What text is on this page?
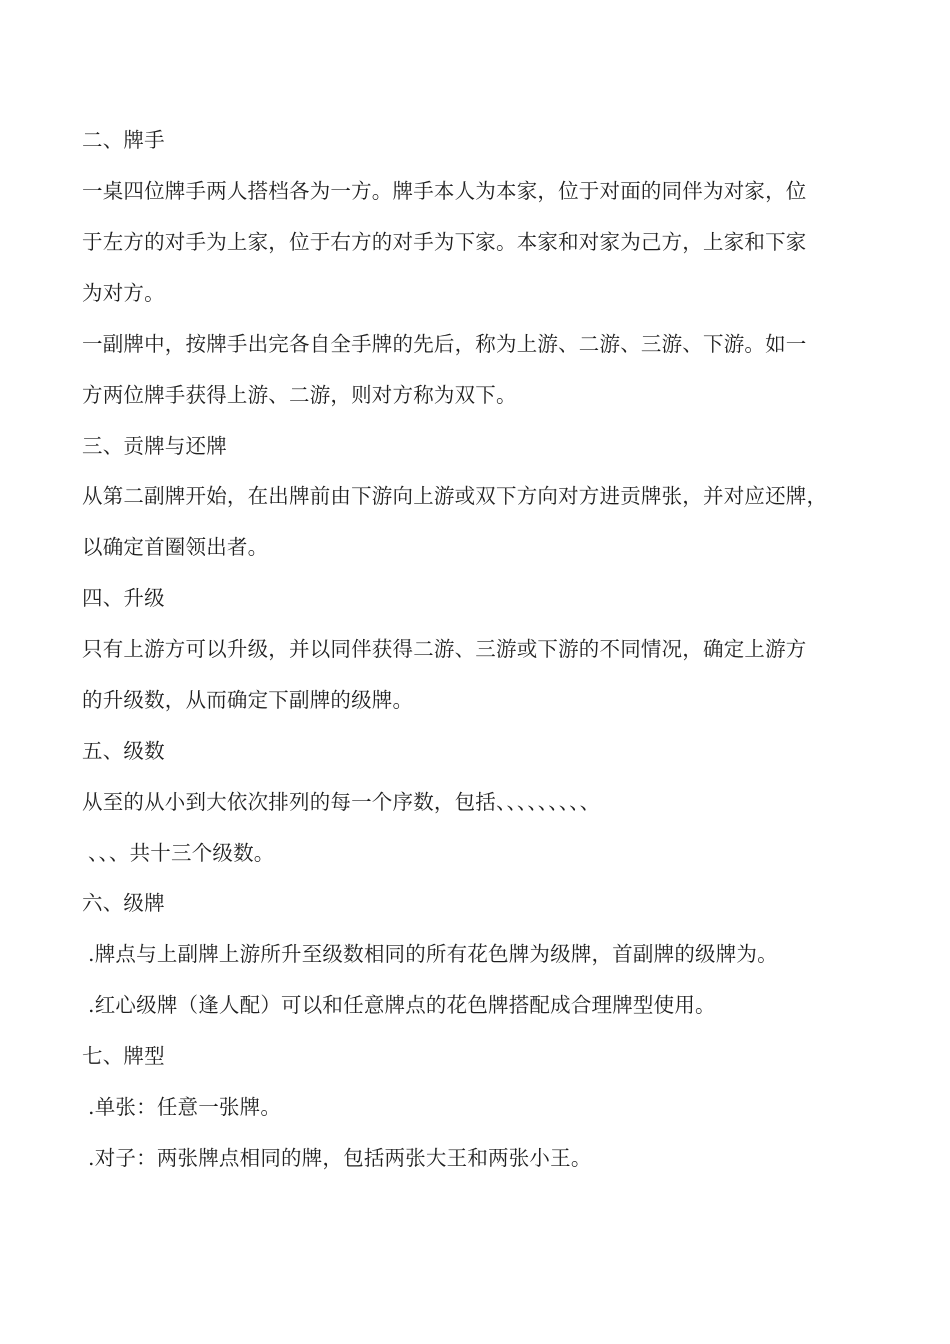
二、牌手
一桌四位牌手两人搭档各为一方。牌手本人为本家，位于对面的同伴为对家，位
于左方的对手为上家，位于右方的对手为下家。本家和对家为己方，上家和下家
为对方。
一副牌中，按牌手出完各自全手牌的先后，称为上游、二游、三游、下游。如一
方两位牌手获得上游、二游，则对方称为双下。
三、贡牌与还牌
从第二副牌开始，在出牌前由下游向上游或双下方向对方进贡牌张，并对应还牌，
以确定首圈领出者。
四、升级
只有上游方可以升级，并以同伴获得二游、三游或下游的不同情况，确定上游方
的升级数，从而确定下副牌的级牌。
五、级数
从至的从小到大依次排列的每一个序数，包括、、、、、、、、、
、、、共十三个级数。
六、级牌
.牌点与上副牌上游所升至级数相同的所有花色牌为级牌，首副牌的级牌为。
.红心级牌（逢人配）可以和任意牌点的花色牌搭配成合理牌型使用。
七、牌型
.单张：任意一张牌。
.对子：两张牌点相同的牌，包括两张大王和两张小王。
